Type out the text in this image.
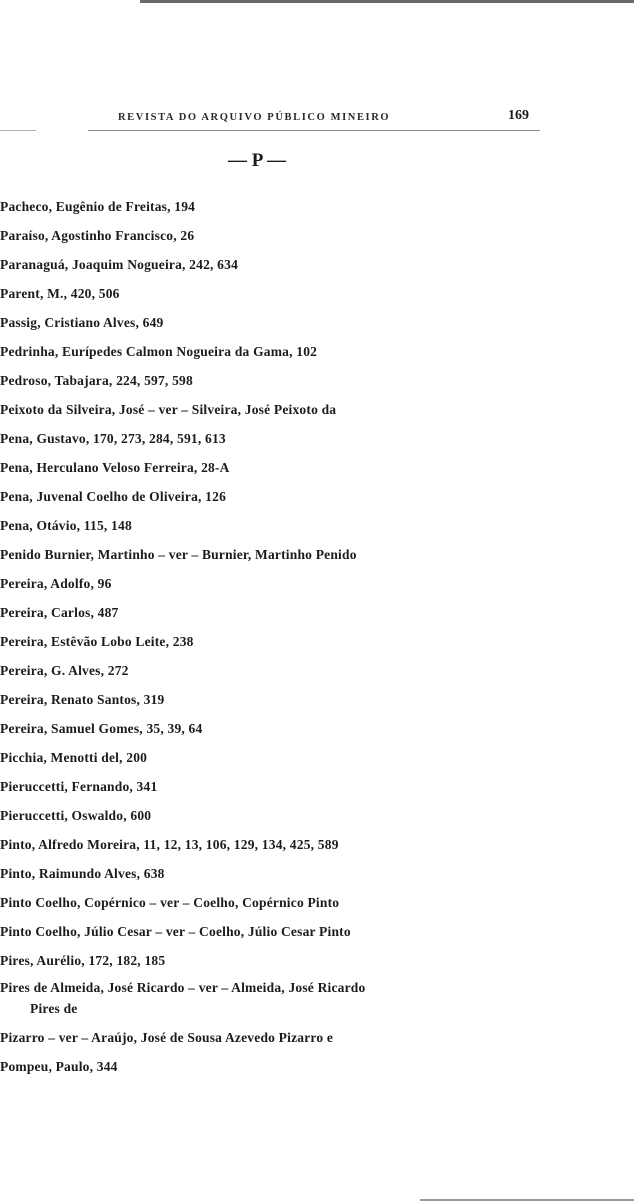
REVISTA DO ARQUIVO PÚBLICO MINEIRO	169
— P —
Pacheco, Eugênio de Freitas, 194
Paraíso, Agostinho Francisco, 26
Paranaguá, Joaquim Nogueira, 242, 634
Parent, M., 420, 506
Passig, Cristiano Alves, 649
Pedrinha, Eurípedes Calmon Nogueira da Gama, 102
Pedroso, Tabajara, 224, 597, 598
Peixoto da Silveira, José – ver – Silveira, José Peixoto da
Pena, Gustavo, 170, 273, 284, 591, 613
Pena, Herculano Veloso Ferreira, 28-A
Pena, Juvenal Coelho de Oliveira, 126
Pena, Otávio, 115, 148
Penido Burnier, Martinho – ver – Burnier, Martinho Penido
Pereira, Adolfo, 96
Pereira, Carlos, 487
Pereira, Estêvão Lobo Leite, 238
Pereira, G. Alves, 272
Pereira, Renato Santos, 319
Pereira, Samuel Gomes, 35, 39, 64
Picchia, Menotti del, 200
Pieruccetti, Fernando, 341
Pieruccetti, Oswaldo, 600
Pinto, Alfredo Moreira, 11, 12, 13, 106, 129, 134, 425, 589
Pinto, Raimundo Alves, 638
Pinto Coelho, Copérnico – ver – Coelho, Copérnico Pinto
Pinto Coelho, Júlio Cesar – ver – Coelho, Júlio Cesar Pinto
Pires, Aurélio, 172, 182, 185
Pires de Almeida, José Ricardo – ver – Almeida, José Ricardo
Pires de
Pizarro – ver – Araújo, José de Sousa Azevedo Pizarro e
Pompeu, Paulo, 344
